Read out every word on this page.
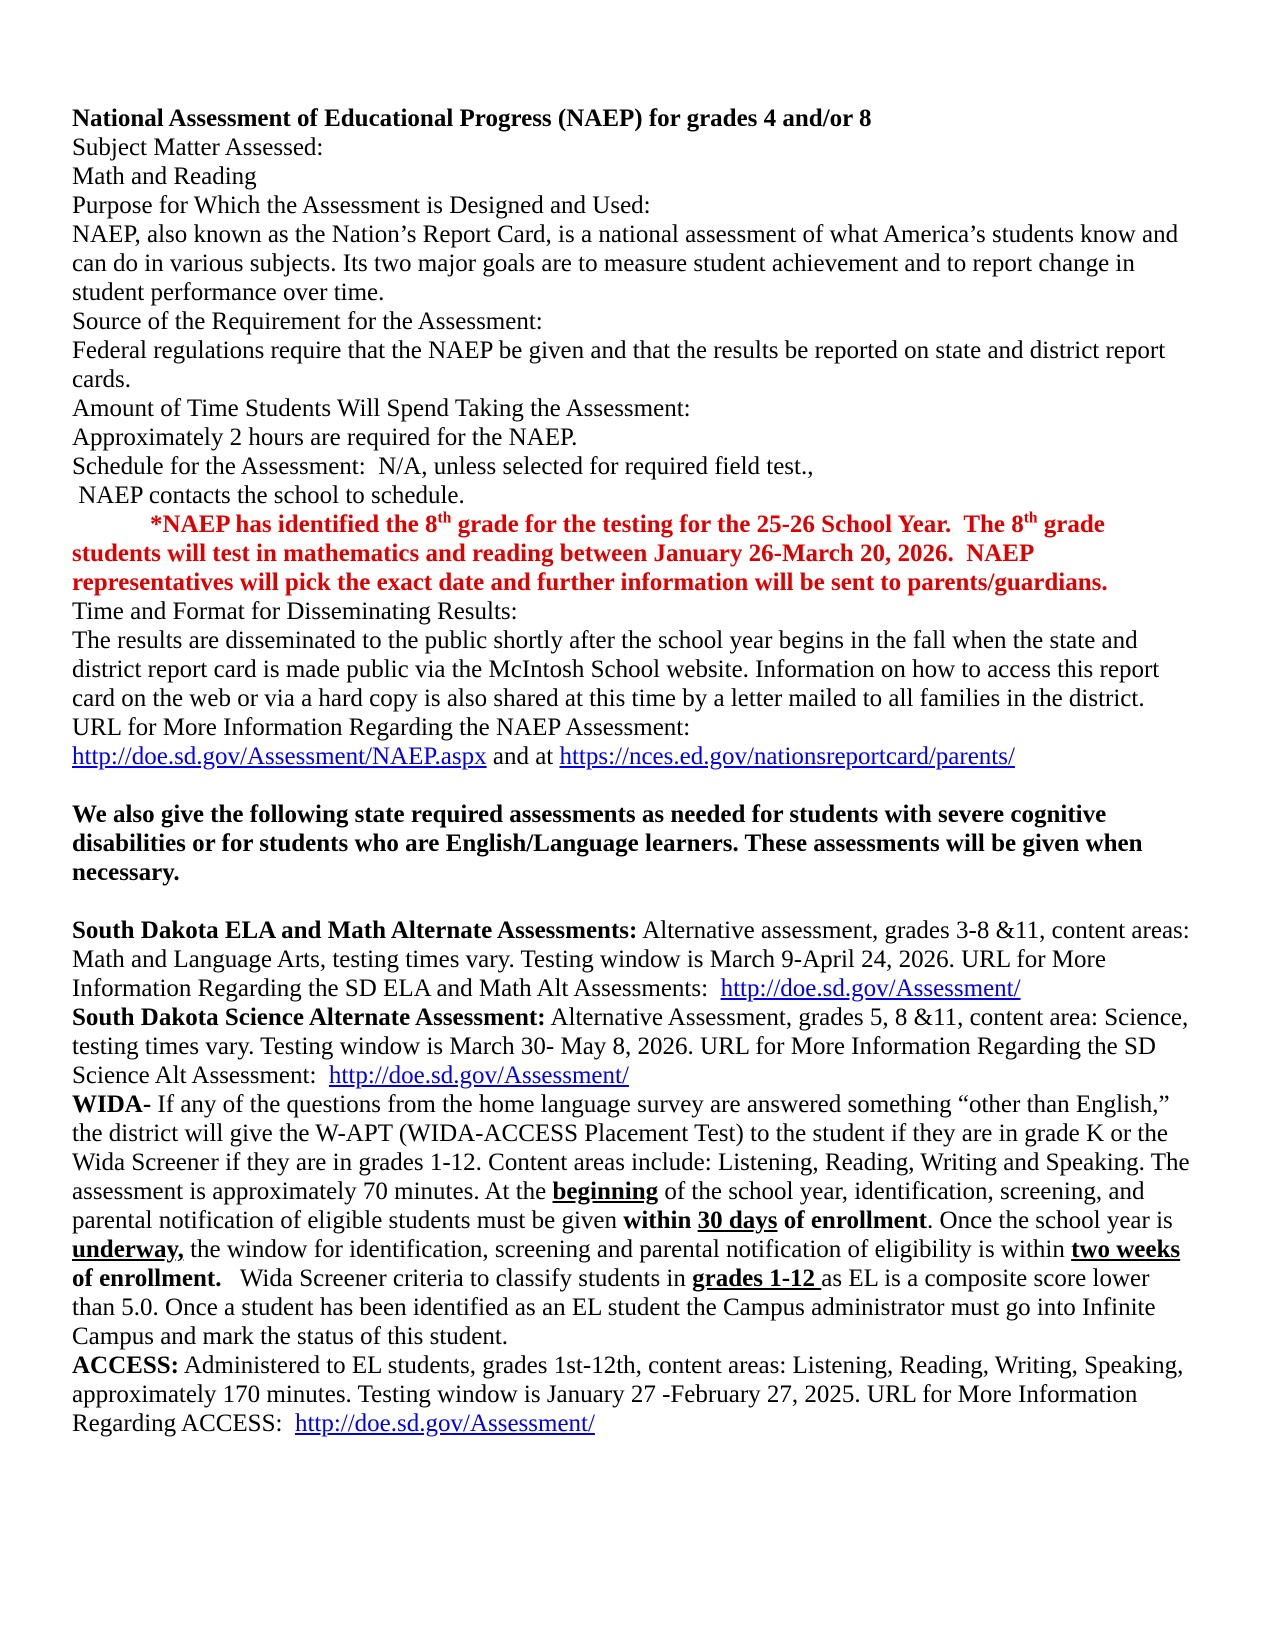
National Assessment of Educational Progress (NAEP) for grades 4 and/or 8

Subject Matter Assessed:

Math and Reading

Purpose for Which the Assessment is Designed and Used:

NAEP, also known as the Nation’s Report Card, is a national assessment of what America’s students know and can do in various subjects. Its two major goals are to measure student achievement and to report change in student performance over time.

Source of the Requirement for the Assessment:

Federal regulations require that the NAEP be given and that the results be reported on state and district report cards.

Amount of Time Students Will Spend Taking the Assessment:

Approximately 2 hours are required for the NAEP.

Schedule for the Assessment:  N/A, unless selected for required field test.,

NAEP contacts the school to schedule.

*NAEP has identified the 8th grade for the testing for the 25-26 School Year.  The 8th grade students will test in mathematics and reading between January 26-March 20, 2026.  NAEP representatives will pick the exact date and further information will be sent to parents/guardians.

Time and Format for Disseminating Results:

The results are disseminated to the public shortly after the school year begins in the fall when the state and district report card is made public via the McIntosh School website. Information on how to access this report card on the web or via a hard copy is also shared at this time by a letter mailed to all families in the district.

URL for More Information Regarding the NAEP Assessment:

http://doe.sd.gov/Assessment/NAEP.aspx and at https://nces.ed.gov/nationsreportcard/parents/

We also give the following state required assessments as needed for students with severe cognitive disabilities or for students who are English/Language learners. These assessments will be given when necessary.

South Dakota ELA and Math Alternate Assessments: Alternative assessment, grades 3-8 &11, content areas: Math and Language Arts, testing times vary. Testing window is March 9-April 24, 2026. URL for More Information Regarding the SD ELA and Math Alt Assessments:  http://doe.sd.gov/Assessment/

South Dakota Science Alternate Assessment: Alternative Assessment, grades 5, 8 &11, content area: Science, testing times vary. Testing window is March 30- May 8, 2026. URL for More Information Regarding the SD Science Alt Assessment:  http://doe.sd.gov/Assessment/

WIDA- If any of the questions from the home language survey are answered something “other than English,” the district will give the W-APT (WIDA-ACCESS Placement Test) to the student if they are in grade K or the Wida Screener if they are in grades 1-12. Content areas include: Listening, Reading, Writing and Speaking. The assessment is approximately 70 minutes. At the beginning of the school year, identification, screening, and parental notification of eligible students must be given within 30 days of enrollment. Once the school year is underway, the window for identification, screening and parental notification of eligibility is within two weeks of enrollment.   Wida Screener criteria to classify students in grades 1-12 as EL is a composite score lower than 5.0. Once a student has been identified as an EL student the Campus administrator must go into Infinite Campus and mark the status of this student.

ACCESS: Administered to EL students, grades 1st-12th, content areas: Listening, Reading, Writing, Speaking, approximately 170 minutes. Testing window is January 27 -February 27, 2025. URL for More Information Regarding ACCESS:  http://doe.sd.gov/Assessment/
